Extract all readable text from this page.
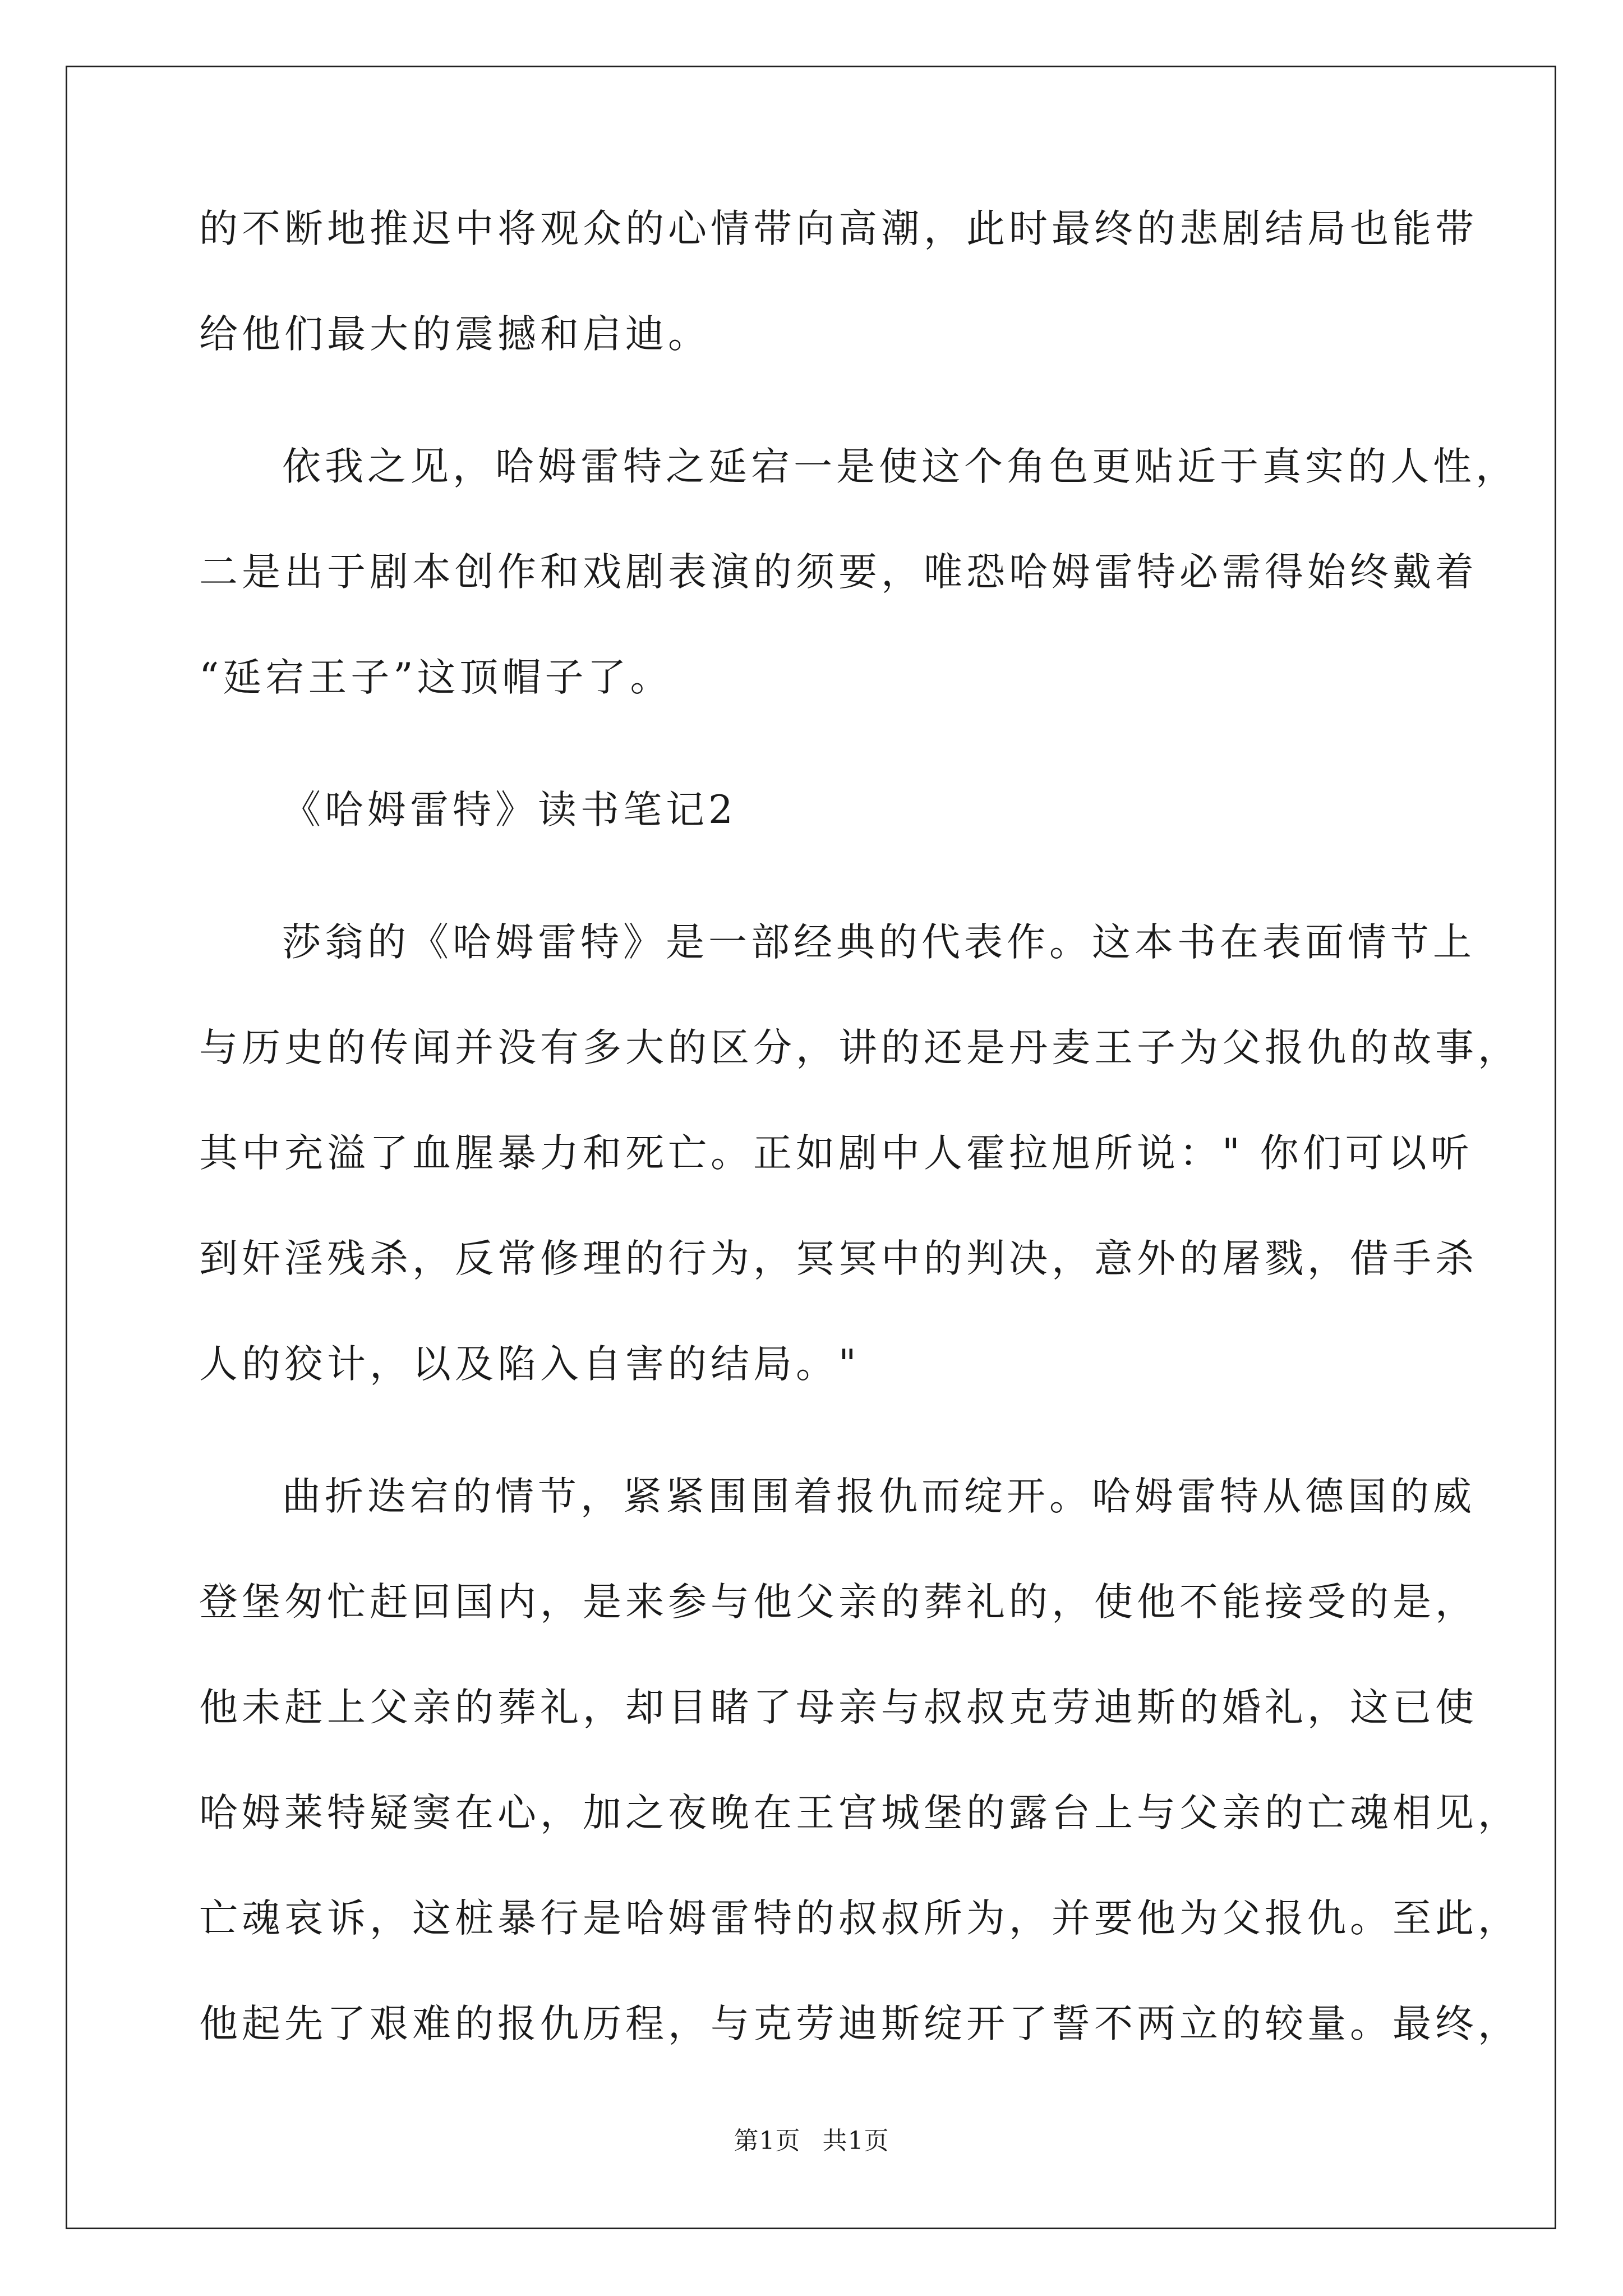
的不断地推迟中将观众的心情带向高潮，此时最终的悲剧结局也能带
给他们最大的震撼和启迪。
依我之见，哈姆雷特之延宕一是使这个角色更贴近于真实的人性，
二是出于剧本创作和戏剧表演的须要，唯恐哈姆雷特必需得始终戴着
“延宕王子”这顶帽子了。
《哈姆雷特》读书笔记2
莎翁的《哈姆雷特》是一部经典的代表作。这本书在表面情节上
与历史的传闻并没有多大的区分，讲的还是丹麦王子为父报仇的故事，
其中充溢了血腥暴力和死亡。正如剧中人霍拉旭所说：" 你们可以听
到奸淫残杀，反常修理的行为，冥冥中的判决，意外的屠戮，借手杀
人的狡计，以及陷入自害的结局。"
曲折迭宕的情节，紧紧围围着报仇而绽开。哈姆雷特从德国的威
登堡匆忙赶回国内，是来参与他父亲的葬礼的，使他不能接受的是，
他未赶上父亲的葬礼，却目睹了母亲与叔叔克劳迪斯的婚礼，这已使
哈姆莱特疑窦在心，加之夜晚在王宫城堡的露台上与父亲的亡魂相见，
亡魂哀诉，这桩暴行是哈姆雷特的叔叔所为，并要他为父报仇。至此，
他起先了艰难的报仇历程，与克劳迪斯绽开了誓不两立的较量。最终，
第1页 共1页
